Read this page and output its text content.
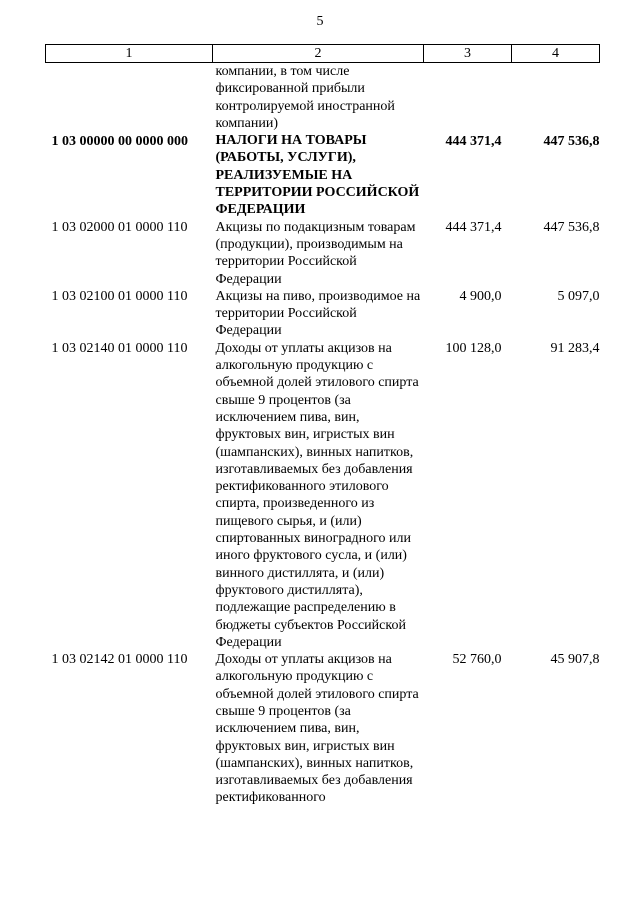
5
1	2	3	4
	компании, в том числе фиксированной прибыли контролируемой иностранной компании)		
1 03 00000 00 0000 000	НАЛОГИ НА ТОВАРЫ (РАБОТЫ, УСЛУГИ), РЕАЛИЗУЕМЫЕ НА ТЕРРИТОРИИ РОССИЙСКОЙ ФЕДЕРАЦИИ	444 371,4	447 536,8
1 03 02000 01 0000 110	Акцизы по подакцизным товарам (продукции), производимым на территории Российской Федерации	444 371,4	447 536,8
1 03 02100 01 0000 110	Акцизы на пиво, производимое на территории Российской Федерации	4 900,0	5 097,0
1 03 02140 01 0000 110	Доходы от уплаты акцизов на алкогольную продукцию с объемной долей этилового спирта свыше 9 процентов (за исключением пива, вин, фруктовых вин, игристых вин (шампанских), винных напитков, изготавливаемых без добавления ректификованного этилового спирта, произведенного из пищевого сырья, и (или) спиртованных виноградного или иного фруктового сусла, и (или) винного дистиллята, и (или) фруктового дистиллята), подлежащие распределению в бюджеты субъектов Российской Федерации	100 128,0	91 283,4
1 03 02142 01 0000 110	Доходы от уплаты акцизов на алкогольную продукцию с объемной долей этилового спирта свыше 9 процентов (за исключением пива, вин, фруктовых вин, игристых вин (шампанских), винных напитков, изготавливаемых без добавления ректификованного	52 760,0	45 907,8
